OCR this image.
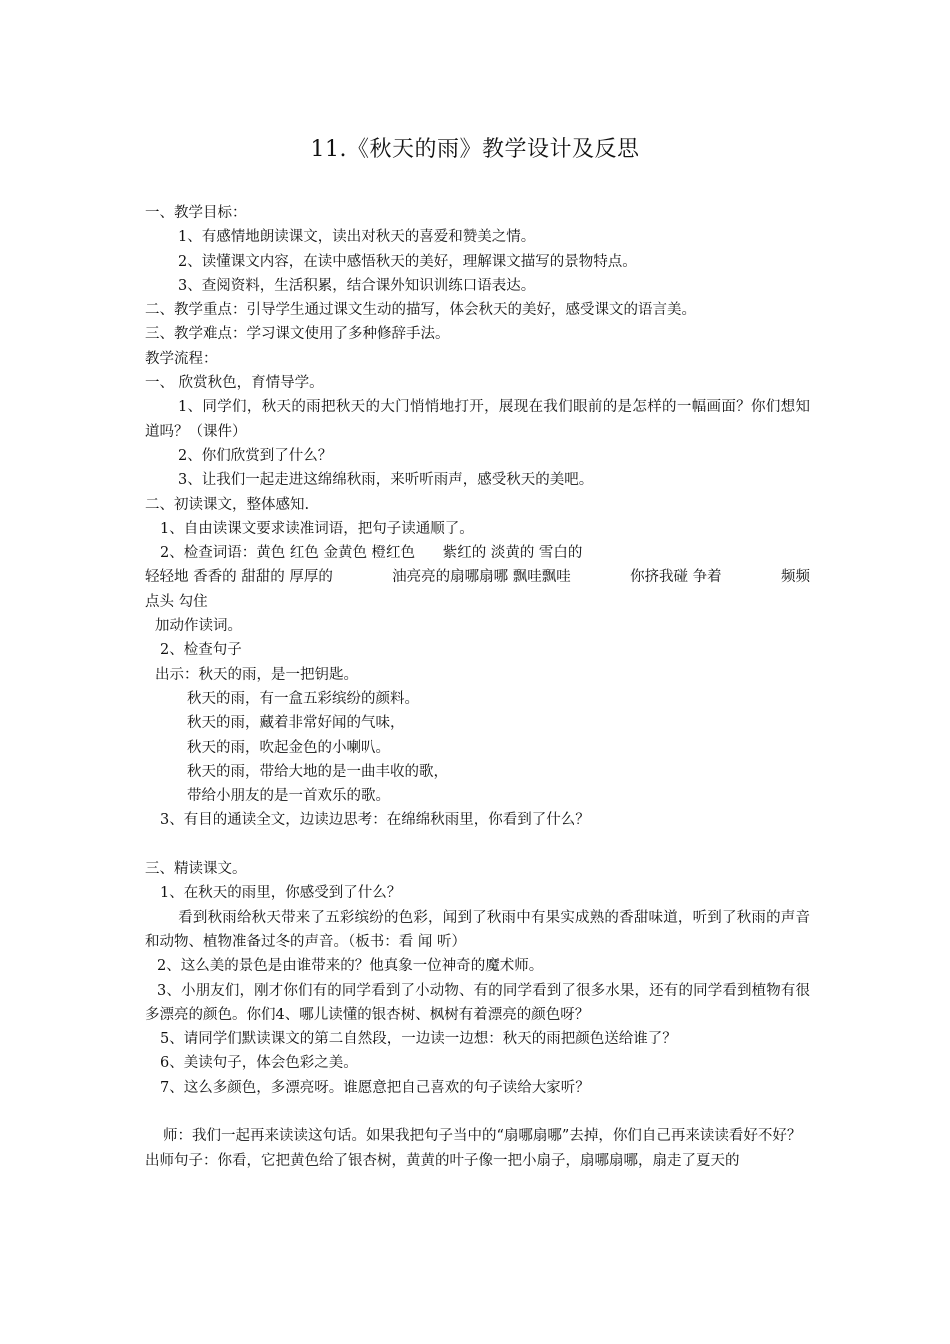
11.《秋天的雨》教学设计及反思

一、教学目标：

1、有感情地朗读课文，读出对秋天的喜爱和赞美之情。

2、读懂课文内容，在读中感悟秋天的美好，理解课文描写的景物特点。

3、查阅资料，生活积累，结合课外知识训练口语表达。

二、教学重点：引导学生通过课文生动的描写，体会秋天的美好，感受课文的语言美。

三、教学难点：学习课文使用了多种修辞手法。

教学流程：

一、 欣赏秋色，育情导学。

1、同学们，秋天的雨把秋天的大门悄悄地打开，展现在我们眼前的是怎样的一幅画面？你们想知道吗？（课件）

2、你们欣赏到了什么？

3、让我们一起走进这绵绵秋雨，来听听雨声，感受秋天的美吧。

二、初读课文，整体感知.

1、自由读课文要求读准词语，把句子读通顺了。

2、检查词语：黄色 红色 金黄色 橙红色      紫红的 淡黄的 雪白的

轻轻地 香香的 甜甜的 厚厚的	油亮亮的扇哪扇哪 飘哇飘哇	你挤我碰 争着	频频

点头 勾住

加动作读词。

2、检查句子

出示：秋天的雨，是一把钥匙。

秋天的雨，有一盒五彩缤纷的颜料。

秋天的雨，藏着非常好闻的气味，

秋天的雨，吹起金色的小喇叭。

秋天的雨，带给大地的是一曲丰收的歌，

带给小朋友的是一首欢乐的歌。

3、有目的通读全文，边读边思考：在绵绵秋雨里，你看到了什么？

三、精读课文。

1、在秋天的雨里，你感受到了什么？

看到秋雨给秋天带来了五彩缤纷的色彩，闻到了秋雨中有果实成熟的香甜味道，听到了秋雨的声音和动物、植物准备过冬的声音。（板书：看 闻 听）

2、这么美的景色是由谁带来的？他真象一位神奇的魔术师。

3、小朋友们，刚才你们有的同学看到了小动物、有的同学看到了很多水果，还有的同学看到植物有很多漂亮的颜色。你们4、哪儿读懂的银杏树、枫树有着漂亮的颜色呀？

5、请同学们默读课文的第二自然段，一边读一边想：秋天的雨把颜色送给谁了？

6、美读句子，体会色彩之美。

7、这么多颜色，多漂亮呀。谁愿意把自己喜欢的句子读给大家听？

师：我们一起再来读读这句话。如果我把句子当中的“扇哪扇哪”去掉，你们自己再来读读看好不好？

出师句子：你看，它把黄色给了银杏树，黄黄的叶子像一把小扇子，扇哪扇哪，扇走了夏天的
